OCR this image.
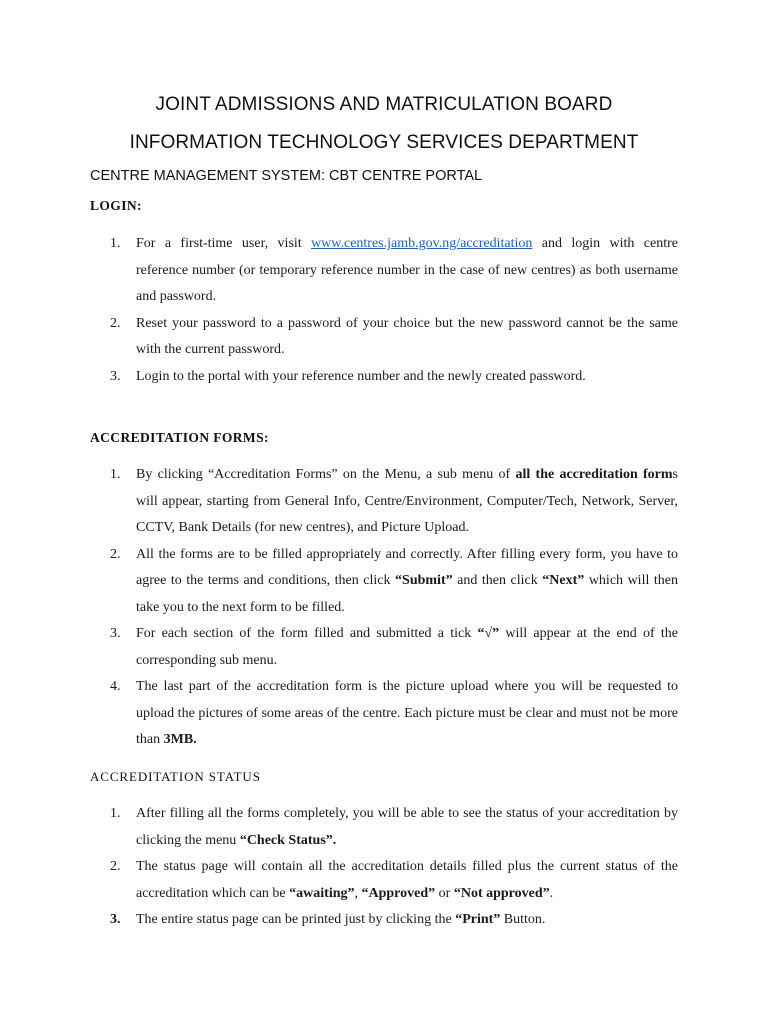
JOINT ADMISSIONS AND MATRICULATION BOARD
INFORMATION TECHNOLOGY SERVICES DEPARTMENT
CENTRE MANAGEMENT SYSTEM: CBT CENTRE PORTAL
LOGIN:
1. For a first-time user, visit www.centres.jamb.gov.ng/accreditation and login with centre reference number (or temporary reference number in the case of new centres) as both username and password.
2. Reset your password to a password of your choice but the new password cannot be the same with the current password.
3. Login to the portal with your reference number and the newly created password.
ACCREDITATION FORMS:
1. By clicking “Accreditation Forms” on the Menu, a sub menu of all the accreditation forms will appear, starting from General Info, Centre/Environment, Computer/Tech, Network, Server, CCTV, Bank Details (for new centres), and Picture Upload.
2. All the forms are to be filled appropriately and correctly. After filling every form, you have to agree to the terms and conditions, then click “Submit” and then click “Next” which will then take you to the next form to be filled.
3. For each section of the form filled and submitted a tick “√” will appear at the end of the corresponding sub menu.
4. The last part of the accreditation form is the picture upload where you will be requested to upload the pictures of some areas of the centre. Each picture must be clear and must not be more than 3MB.
ACCREDITATION STATUS
1. After filling all the forms completely, you will be able to see the status of your accreditation by clicking the menu “Check Status”.
2. The status page will contain all the accreditation details filled plus the current status of the accreditation which can be “awaiting”, “Approved” or “Not approved”.
3. The entire status page can be printed just by clicking the “Print” Button.
